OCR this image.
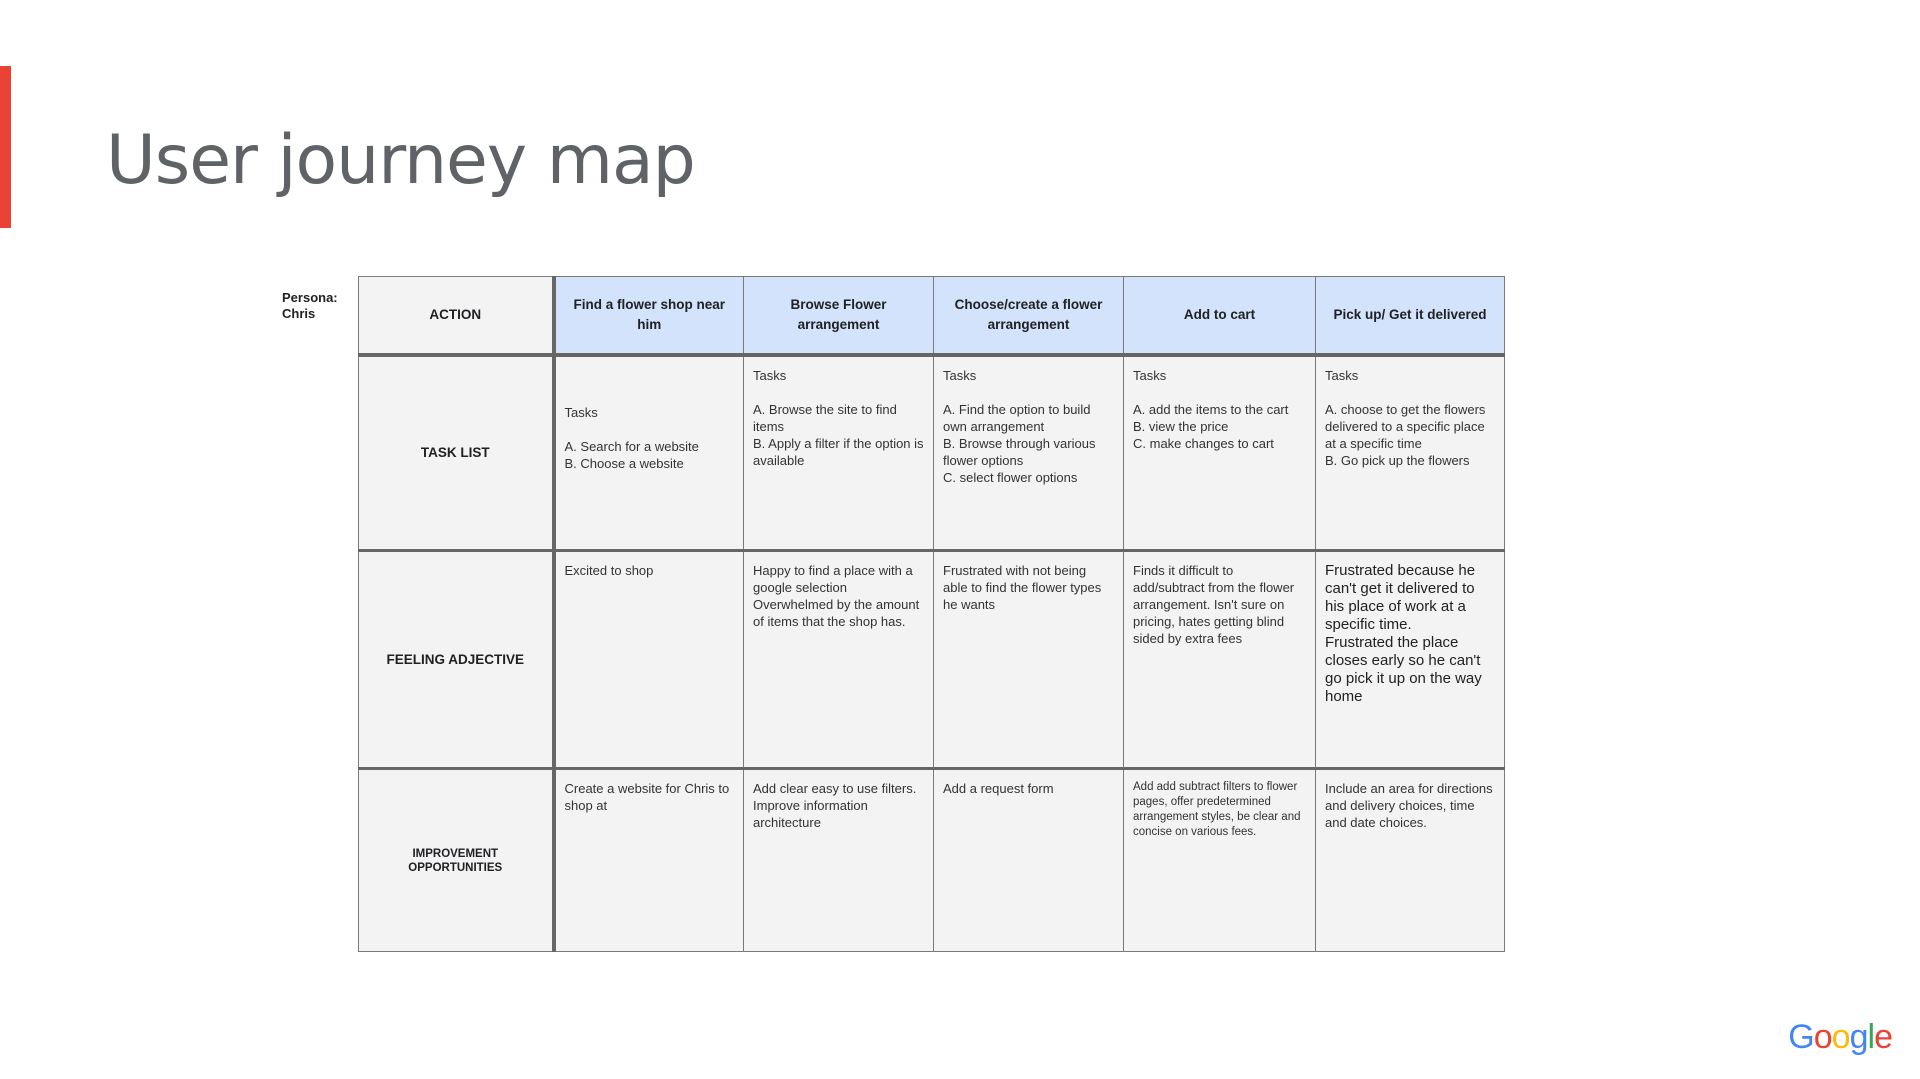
User journey map
Persona:
Chris	ACTION	Find a flower shop near him	Browse Flower arrangement	Choose/create a flower arrangement	Add to cart	Pick up/ Get it delivered
TASK LIST	Tasks

A. Search for a website
B. Choose a website	Tasks

A. Browse the site to find items
B. Apply a filter if the option is available	Tasks

A. Find the option to build own arrangement
B. Browse through various flower options
C. select flower options	Tasks

A. add the items to the cart
B. view the price
C. make changes to cart	Tasks

A. choose to get the flowers delivered to a specific place at a specific time
B. Go pick up the flowers

FEELING ADJECTIVE	Excited to shop	Happy to find a place with a google selection
Overwhelmed by the amount of items that the shop has.	Frustrated with not being able to find the flower types he wants	Finds it difficult to add/subtract from the flower arrangement. Isn't sure on pricing, hates getting blind sided by extra fees	Frustrated because he can't get it delivered to his place of work at a specific time.
Frustrated the place closes early so he can't go pick it up on the way home

IMPROVEMENT OPPORTUNITIES	Create a website for Chris to shop at	Add clear easy to use filters. Improve information architecture	Add a request form	Add add subtract filters to flower pages, offer predetermined arrangement styles, be clear and concise on various fees.	Include an area for directions and delivery choices, time and date choices.
Google
